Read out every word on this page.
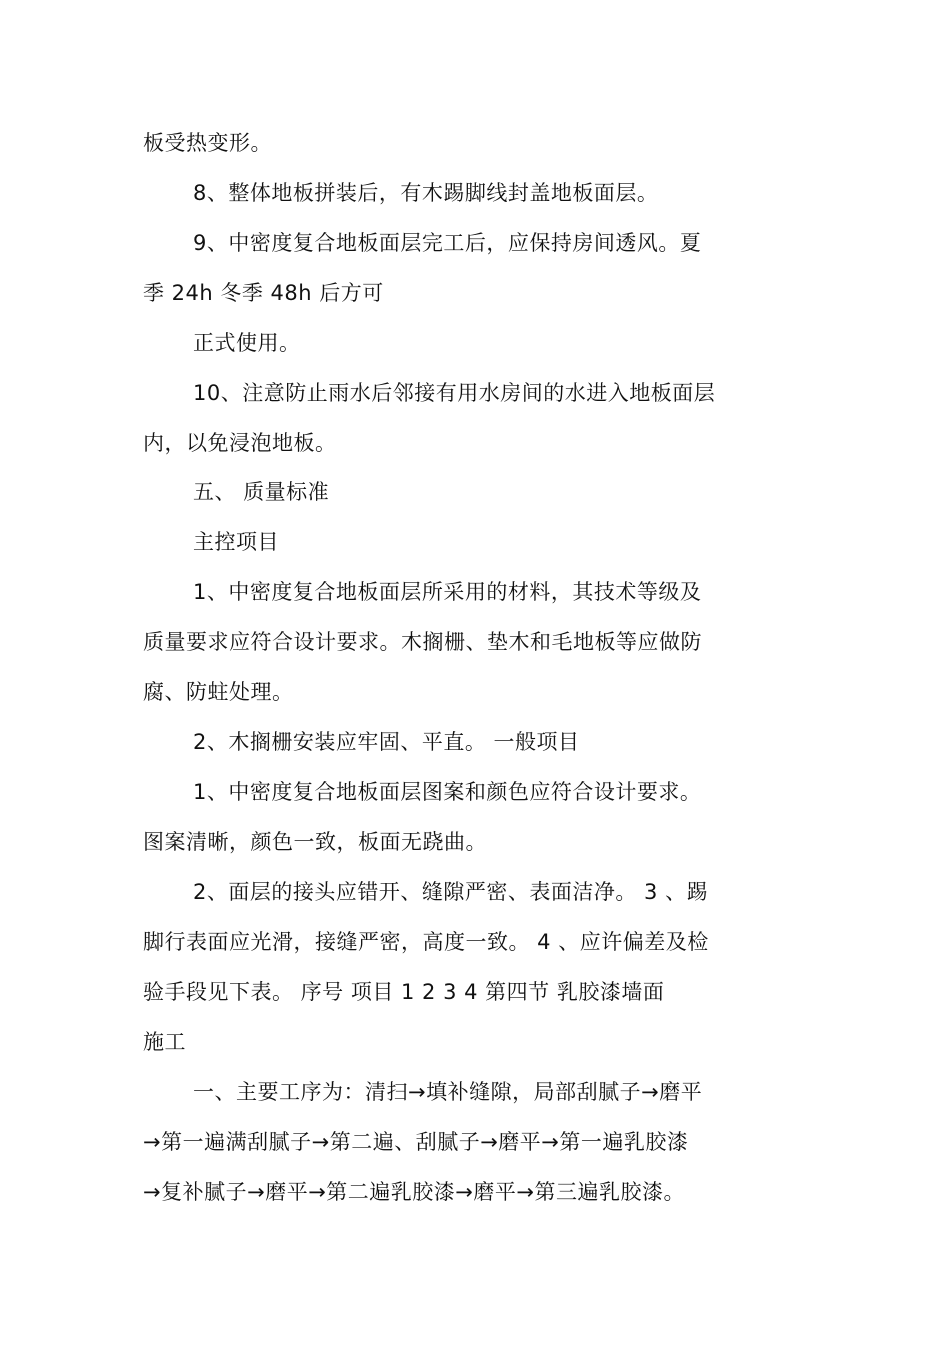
板受热变形。
8、整体地板拼装后，有木踢脚线封盖地板面层。
9、中密度复合地板面层完工后，应保持房间透风。夏
季 24h 冬季 48h 后方可
正式使用。
10、注意防止雨水后邻接有用水房间的水进入地板面层
内，以免浸泡地板。
五、 质量标准
主控项目
1、中密度复合地板面层所采用的材料，其技术等级及
质量要求应符合设计要求。木搁栅、垫木和毛地板等应做防
腐、防蛀处理。
2、木搁栅安装应牢固、平直。 一般项目
1、中密度复合地板面层图案和颜色应符合设计要求。
图案清晰，颜色一致，板面无跷曲。
2、面层的接头应错开、缝隙严密、表面洁净。 3 、踢
脚行表面应光滑，接缝严密，高度一致。 4 、应许偏差及检
验手段见下表。 序号 项目 1 2 3 4 第四节 乳胶漆墙面
施工
一、主要工序为：清扫→填补缝隙，局部刮腻子→磨平
→第一遍满刮腻子→第二遍、刮腻子→磨平→第一遍乳胶漆
→复补腻子→磨平→第二遍乳胶漆→磨平→第三遍乳胶漆。
